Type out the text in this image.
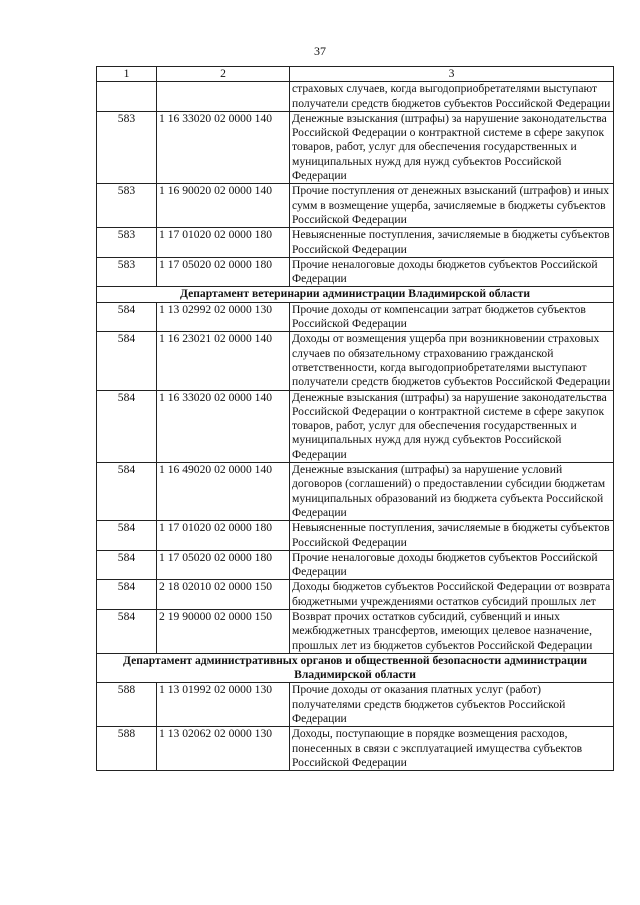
37
1	2	3
		страховых случаев, когда выгодоприобретателями выступают получатели средств бюджетов субъектов Российской Федерации
583	1 16 33020 02 0000 140	Денежные взыскания (штрафы) за нарушение законодательства Российской Федерации о контрактной системе в сфере закупок товаров, работ, услуг для обеспечения государственных и муниципальных нужд для нужд субъектов Российской Федерации
583	1 16 90020 02 0000 140	Прочие поступления от денежных взысканий (штрафов) и иных сумм в возмещение ущерба, зачисляемые в бюджеты субъектов Российской Федерации
583	1 17 01020 02 0000 180	Невыясненные поступления, зачисляемые в бюджеты субъектов Российской Федерации
583	1 17 05020 02 0000 180	Прочие неналоговые доходы бюджетов субъектов Российской Федерации
Департамент ветеринарии администрации Владимирской области		
584	1 13 02992 02 0000 130	Прочие доходы от компенсации затрат бюджетов субъектов Российской Федерации
584	1 16 23021 02 0000 140	Доходы от возмещения ущерба при возникновении страховых случаев по обязательному страхованию гражданской ответственности, когда выгодоприобретателями выступают получатели средств бюджетов субъектов Российской Федерации
584	1 16 33020 02 0000 140	Денежные взыскания (штрафы) за нарушение законодательства Российской Федерации о контрактной системе в сфере закупок товаров, работ, услуг для обеспечения государственных и муниципальных нужд для нужд субъектов Российской Федерации
584	1 16 49020 02 0000 140	Денежные взыскания (штрафы) за нарушение условий договоров (соглашений) о предоставлении субсидии бюджетам муниципальных образований из бюджета субъекта Российской Федерации
584	1 17 01020 02 0000 180	Невыясненные поступления, зачисляемые в бюджеты субъектов Российской Федерации
584	1 17 05020 02 0000 180	Прочие неналоговые доходы бюджетов субъектов Российской Федерации
584	2 18 02010 02 0000 150	Доходы бюджетов субъектов Российской Федерации от возврата бюджетными учреждениями остатков субсидий прошлых лет
584	2 19 90000 02 0000 150	Возврат прочих остатков субсидий, субвенций и иных межбюджетных трансфертов, имеющих целевое назначение, прошлых лет из бюджетов субъектов Российской Федерации
Департамент административных органов и общественной безопасности администрации Владимирской области		
588	1 13 01992 02 0000 130	Прочие доходы от оказания платных услуг (работ) получателями средств бюджетов субъектов Российской Федерации
588	1 13 02062 02 0000 130	Доходы, поступающие в порядке возмещения расходов, понесенных в связи с эксплуатацией имущества субъектов Российской Федерации
